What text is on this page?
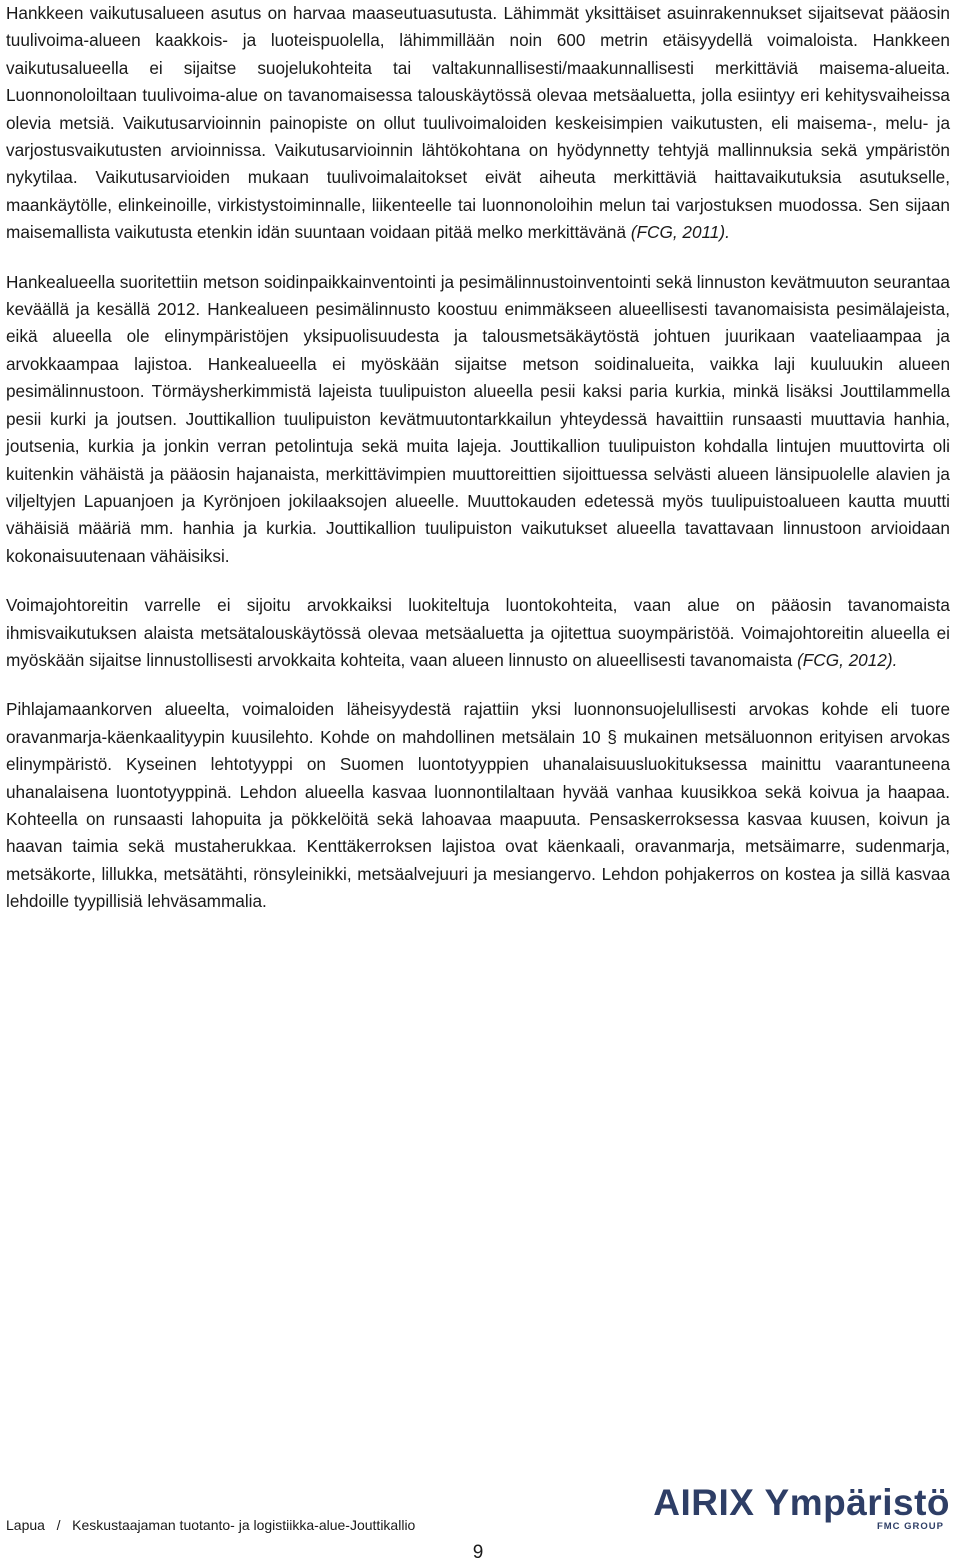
Hankkeen vaikutusalueen asutus on harvaa maaseutuasutusta. Lähimmät yksittäiset asuinrakennukset sijaitsevat pääosin tuulivoima-alueen kaakkois- ja luoteispuolella, lähimmillään noin 600 metrin etäisyydellä voimaloista. Hankkeen vaikutusalueella ei sijaitse suojelukohteita tai valtakunnallisesti/maakunnallisesti merkittäviä maisema-alueita. Luonnonoloiltaan tuulivoima-alue on tavanomaisessa talouskäytössä olevaa metsäaluetta, jolla esiintyy eri kehitysvaiheissa olevia metsiä. Vaikutusarvioinnin painopiste on ollut tuulivoimaloiden keskeisimpien vaikutusten, eli maisema-, melu- ja varjostusvaikutusten arvioinnissa. Vaikutusarvioinnin lähtökohtana on hyödynnetty tehtyjä mallinnuksia sekä ympäristön nykytilaa. Vaikutusarvioiden mukaan tuulivoimalaitokset eivät aiheuta merkittäviä haittavaikutuksia asutukselle, maankäytölle, elinkeinoille, virkistystoiminnalle, liikenteelle tai luonnonoloihin melun tai varjostuksen muodossa. Sen sijaan maisemallista vaikutusta etenkin idän suuntaan voidaan pitää melko merkittävänä (FCG, 2011).

Hankealueella suoritettiin metson soidinpaikkainventointi ja pesimälinnustoinventointi sekä linnuston kevätmuuton seurantaa keväällä ja kesällä 2012. Hankealueen pesimälinnusto koostuu enimmäkseen alueellisesti tavanomaisista pesimälajeista, eikä alueella ole elinympäristöjen yksipuolisuudesta ja talousmetsäkäytöstä johtuen juurikaan vaateliaampaa ja arvokkaampaa lajistoa. Hankealueella ei myöskään sijaitse metson soidinalueita, vaikka laji kuuluukin alueen pesimälinnustoon. Törmäysherkimmistä lajeista tuulipuiston alueella pesii kaksi paria kurkia, minkä lisäksi Jouttilammella pesii kurki ja joutsen. Jouttikallion tuulipuiston kevätmuutontarkkailun yhteydessä havaittiin runsaasti muuttavia hanhia, joutsenia, kurkia ja jonkin verran petolintuja sekä muita lajeja. Jouttikallion tuulipuiston kohdalla lintujen muuttovirta oli kuitenkin vähäistä ja pääosin hajanaista, merkittävimpien muuttoreittien sijoittuessa selvästi alueen länsipuolelle alavien ja viljeltyjen Lapuanjoen ja Kyrönjoen jokilaaksojen alueelle. Muuttokauden edetessä myös tuulipuistoalueen kautta muutti vähäisiä määriä mm. hanhia ja kurkia. Jouttikallion tuulipuiston vaikutukset alueella tavattavaan linnustoon arvioidaan kokonaisuutenaan vähäisiksi.

Voimajohtoreitin varrelle ei sijoitu arvokkaiksi luokiteltuja luontokohteita, vaan alue on pääosin tavanomaista ihmisvaikutuksen alaista metsätalouskäytössä olevaa metsäaluetta ja ojitettua suoympäristöä. Voimajohtoreitin alueella ei myöskään sijaitse linnustollisesti arvokkaita kohteita, vaan alueen linnusto on alueellisesti tavanomaista (FCG, 2012).

Pihlajamaankorven alueelta, voimaloiden läheisyydestä rajattiin yksi luonnonsuojelullisesti arvokas kohde eli tuore oravanmarja-käenkaalityypin kuusilehto. Kohde on mahdollinen metsälain 10 § mukainen metsäluonnon erityisen arvokas elinympäristö. Kyseinen lehtotyyppi on Suomen luontotyyppien uhanalaisuusluokituksessa mainittu vaarantuneena uhanalaisena luontotyyppinä. Lehdon alueella kasvaa luonnontilaltaan hyvää vanhaa kuusikkoa sekä koivua ja haapaa. Kohteella on runsaasti lahopuita ja pökkelöitä sekä lahoavaa maapuuta. Pensaskerroksessa kasvaa kuusen, koivun ja haavan taimia sekä mustaherukkaa. Kenttäkerroksen lajistoa ovat käenkaali, oravanmarja, metsäimarre, sudenmarja, metsäkorte, lillukka, metsätähti, rönsyleinikki, metsäalvejuuri ja mesiangervo. Lehdon pohjakerros on kostea ja sillä kasvaa lehdoille tyypillisiä lehväsammalia.

Lapua   /   Keskustaajaman tuotanto- ja logistiikka-alue-Jouttikallio
AIRIX Ympäristö
FMC GROUP
9
